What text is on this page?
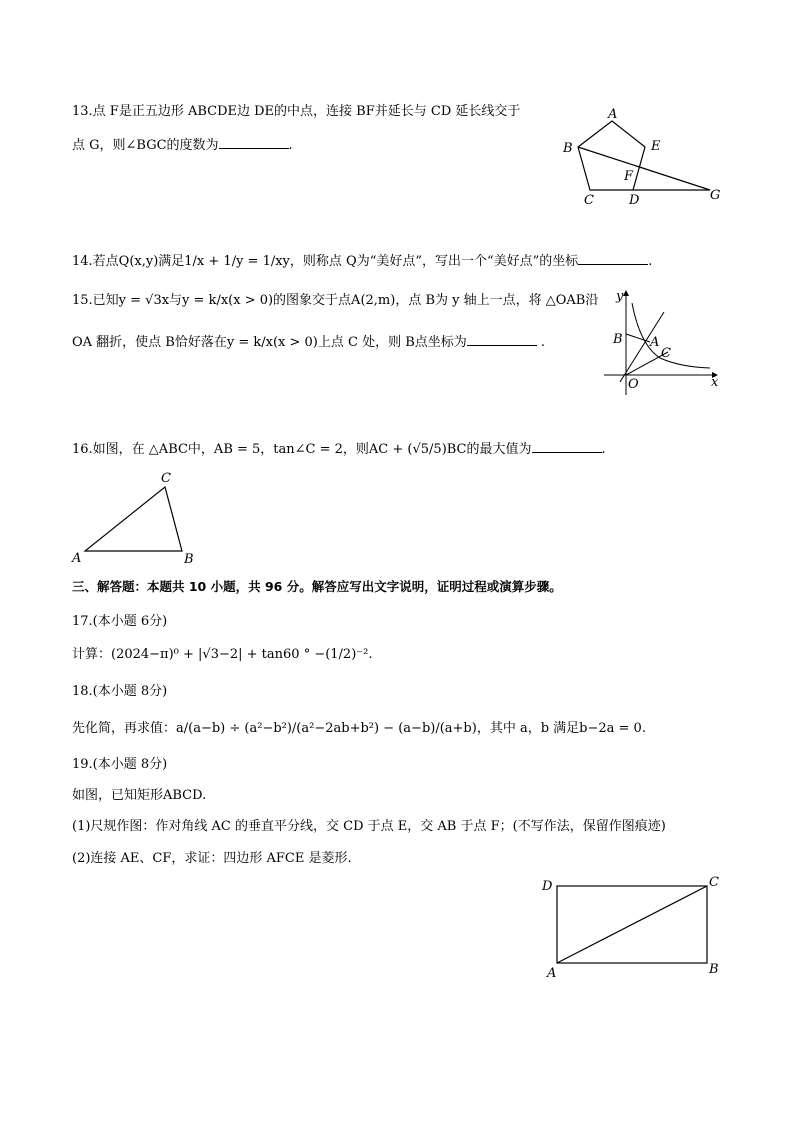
13.点 F是正五边形 ABCDE边 DE的中点，连接 BF并延长与 CD 延长线交于
点 G，则∠BGC的度数为	.
A
B
C	D
E
F
G
14.若点Q(x,y)满足1/x + 1/y = 1/xy，则称点 Q为“美好点”，写出一个“美好点”的坐标	.
15.已知y = √3x与y = k/x(x > 0)的图象交于点A(2,m)，点 B为 y 轴上一点，将 △OAB沿
OA 翻折，使点 B恰好落在y = k/x(x > 0)上点 C 处，则 B点坐标为	.
y
x
O
A
B
C
16.如图，在 △ABC中，AB = 5，tan∠C = 2，则AC + (√5/5)BC的最大值为	.
A	B
C
三、解答题：本题共 10 小题，共 96 分。解答应写出文字说明，证明过程或演算步骤。
17.(本小题 6分)
计算：(2024−π)⁰ + |√3−2| + tan60 ° −(1/2)⁻².
18.(本小题 8分)
先化简，再求值：a/(a−b) ÷ (a²−b²)/(a²−2ab+b²) − (a−b)/(a+b)，其中 a，b 满足b−2a = 0.
19.(本小题 8分)
如图，已知矩形ABCD.
(1)尺规作图：作对角线 AC 的垂直平分线，交 CD 于点 E，交 AB 于点 F；(不写作法，保留作图痕迹)
(2)连接 AE、CF，求证：四边形 AFCE 是菱形.
D	C
A	B
